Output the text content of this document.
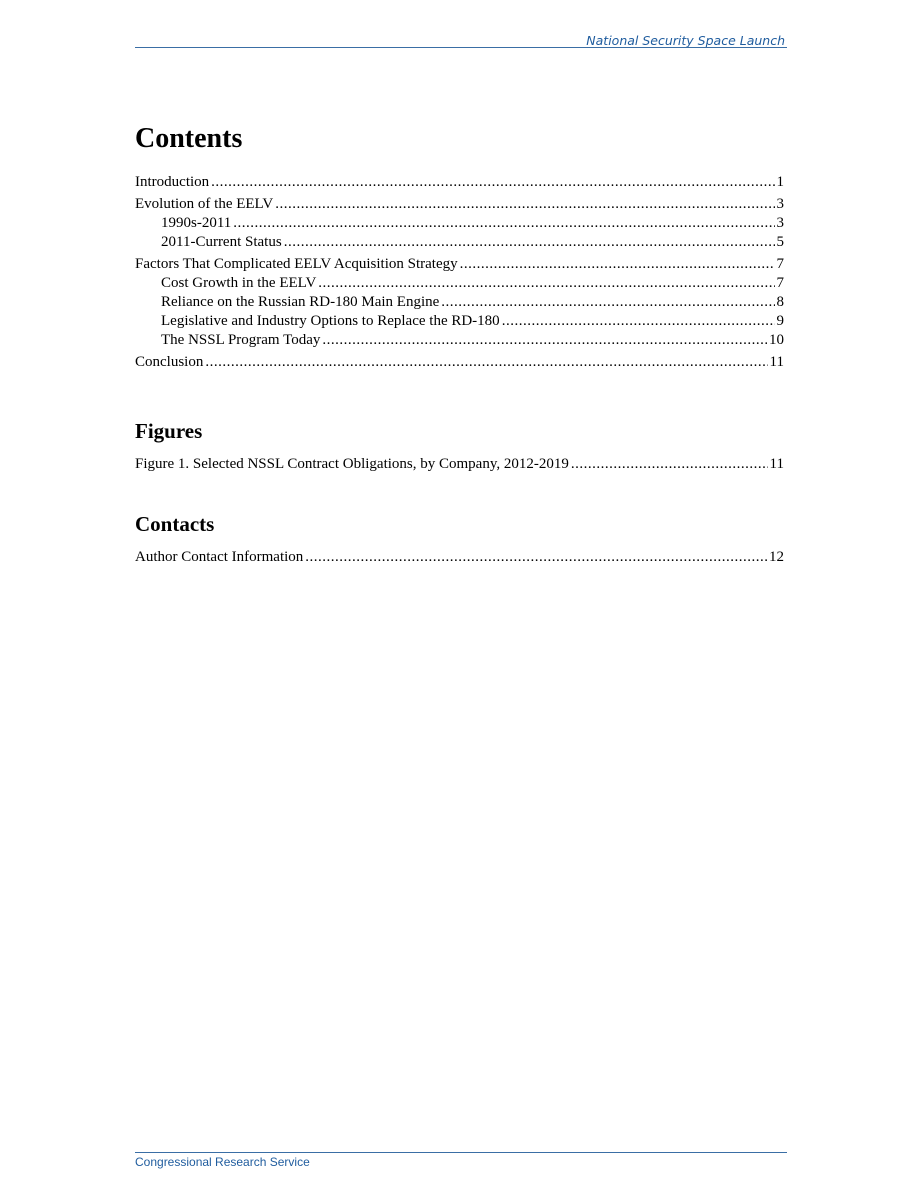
National Security Space Launch
Contents
Introduction .....	1
Evolution of the EELV .....	3
1990s-2011 .....	3
2011-Current Status .....	5
Factors That Complicated EELV Acquisition Strategy .....	7
Cost Growth in the EELV .....	7
Reliance on the Russian RD-180 Main Engine .....	8
Legislative and Industry Options to Replace the RD-180 .....	9
The NSSL Program Today .....	10
Conclusion .....	11
Figures
Figure 1. Selected NSSL Contract Obligations, by Company, 2012-2019 .....	11
Contacts
Author Contact Information .....	12
Congressional Research Service
